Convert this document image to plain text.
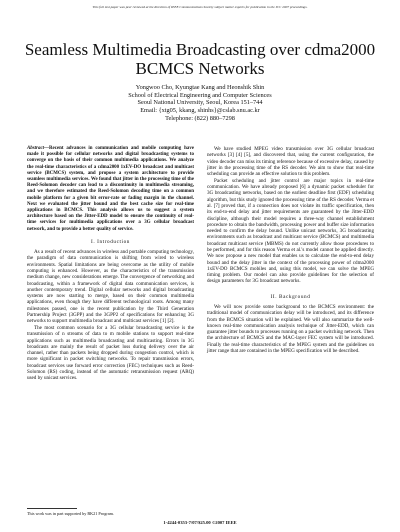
This full text paper was peer reviewed at the direction of IEEE Communications Society subject matter experts for publication in the ICC 2007 proceedings.
Seamless Multimedia Broadcasting over cdma2000
BCMCS Networks
Yongwoo Cho, Kyungtae Kang and Heonshik Shin
School of Electrical Engineering and Computer Sciences
Seoul National University, Seoul, Korea 151–744
Email: {xtg05, kkang, shinhs}@cslab.snu.ac.kr
Telephone: (822) 880–7298
Abstract—Recent advances in communication and mobile computing have made it possible for cellular networks and digital broadcasting systems to converge on the basis of their common multimedia applications. We analyze the real-time characteristics of a cdma2000 1xEV-DO broadcast and multicast service (BCMCS) system, and propose a system architecture to provide seamless multimedia services. We found that jitter in the processing time of the Reed-Solomon decoder can lead to a discontinuity in multimedia streaming, and we therefore estimated the Reed-Solomon decoding time on a common mobile platform for a given bit error-rate or fading margin in the channel. Next we evaluated the jitter bound and the best cache size for real-time applications in BCMCS. This analysis allows us to suggest a system architecture based on the Jitter-EDD model to ensure the continuity of real-time services for multimedia applications over a 3G cellular broadcast network, and to provide a better quality of service.
I. Introduction

As a result of recent advances in wireless and portable computing technology, the paradigm of data communication is shifting from wired to wireless environments. Spatial limitations are being overcome as the utility of mobile computing is enhanced. However, as the characteristics of the transmission medium change, new considerations emerge. The convergence of networking and broadcasting, within a framework of digital data communication services, is another contemporary trend. Digital cellular networks and digital broadcasting systems are now starting to merge, based on their common multimedia applications, even though they have different technological roots. Among many milestones passed, one is the recent publication by the Third Generation Partnership Project (3GPP) and the 3GPP2 of specifications for enhancing 3G networks to support multimedia broadcast and multicast services [1] [2].

The most common scenario for a 3G cellular broadcasting service is the transmission of n streams of data to m mobile stations to support real-time applications such as multimedia broadcasting and multicasting. Errors in 3G broadcasts are mainly the result of packet loss during delivery over the air channel, rather than packets being dropped during congestion control, which is more significant in packet switching networks. To repair transmission errors, broadcast services use forward error correction (FEC) techniques such as Reed-Solomon (RS) coding, instead of the automatic retransmission request (ARQ) used by unicast services.

This work was in part supported by BK21 Program.

We have studied MPEG video transmission over 3G cellular broadcast networks [3] [4] [5], and discovered that, using the current configuration, the video decoder can miss its timing reference because of excessive delay, caused by jitter in the processing time of the RS decoder. We aim to show that real-time scheduling can provide an effective solution to this problem.

Packet scheduling and jitter control are major topics in real-time communication. We have already proposed [6] a dynamic packet scheduler for 3G broadcasting networks, based on the earliest deadline first (EDF) scheduling algorithm, but this study ignored the processing time of the RS decoder. Verma et al. [7] proved that, if a connection does not violate its traffic specification, then its end-to-end delay and jitter requirements are guaranteed by the Jitter-EDD discipline, although their model requires a three-way channel establishment procedure to obtain the bandwidth, processing power and buffer size information needed to confirm the delay bound. Unlike unicast networks, 3G broadcasting environments such as broadcast and multicast service (BCMCS) and multimedia broadcast multicast service (MBMS) do not currently allow those procedures to be performed, and for this reason Verma et al.'s model cannot be applied directly. We now propose a new model that enables us to calculate the end-to-end delay bound and the delay jitter in the context of the processing power of cdma2000 1xEV-DO BCMCS mobiles and, using this model, we can solve the MPEG timing problem. Our model can also provide guidelines for the selection of design parameters for 3G broadcast networks.

II. Background

We will now provide some background to the BCMCS environment: the traditional model of communication delay will be introduced, and its difference from the BCMCS situation will be explained. We will also summarize the well-known real-time communication analysis technique of Jitter-EDD, which can guarantee jitter bounds to processes running on a packet switching network. Then the architecture of BCMCS and the MAC-layer FEC system will be introduced. Finally the real-time characteristics of the MPEG system and the guidelines on jitter range that are contained in the MPEG specification will be described.

1-4244-0353-7/07/$25.00 ©2007 IEEE
